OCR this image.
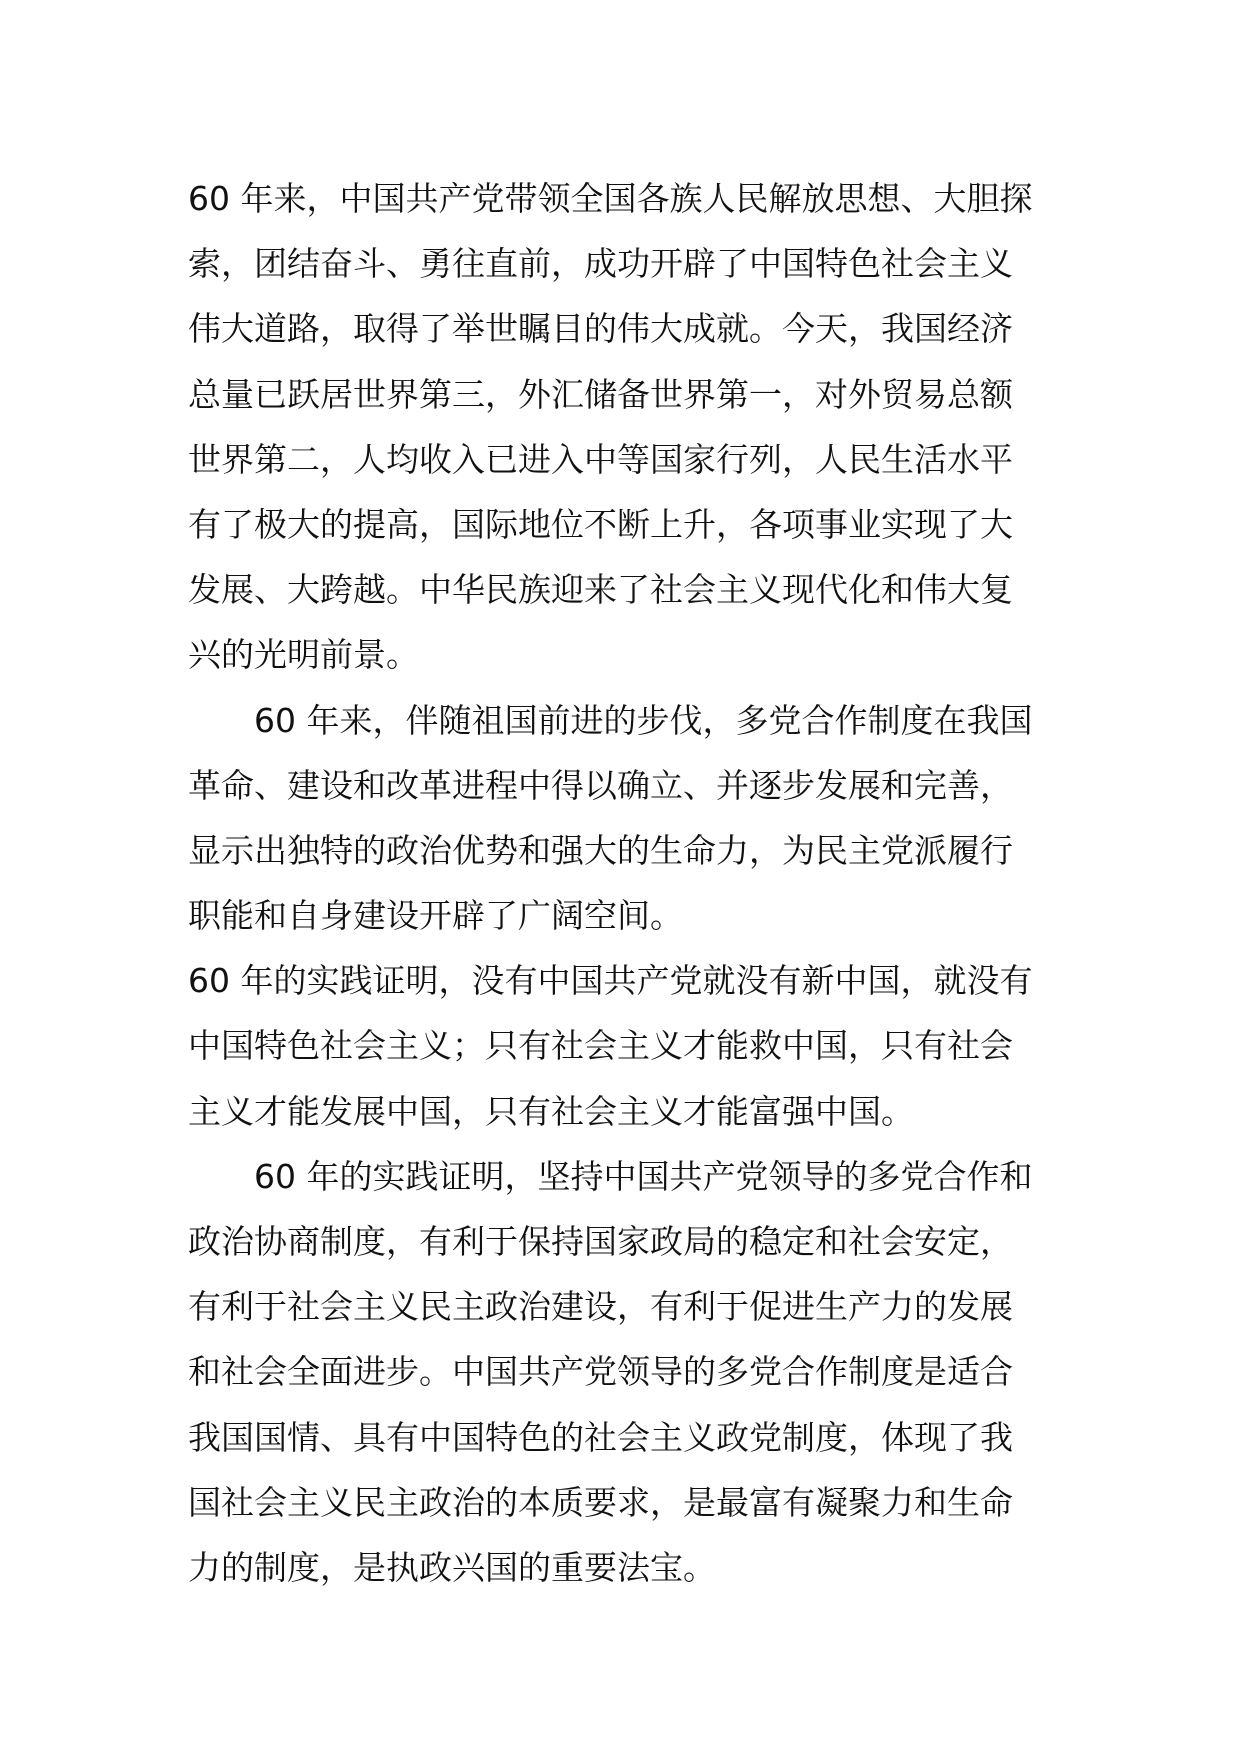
60 年来，中国共产党带领全国各族人民解放思想、大胆探
索，团结奋斗、勇往直前，成功开辟了中国特色社会主义
伟大道路，取得了举世瞩目的伟大成就。今天，我国经济
总量已跃居世界第三，外汇储备世界第一，对外贸易总额
世界第二，人均收入已进入中等国家行列，人民生活水平
有了极大的提高，国际地位不断上升，各项事业实现了大
发展、大跨越。中华民族迎来了社会主义现代化和伟大复
兴的光明前景。
60 年来，伴随祖国前进的步伐，多党合作制度在我国
革命、建设和改革进程中得以确立、并逐步发展和完善，
显示出独特的政治优势和强大的生命力，为民主党派履行
职能和自身建设开辟了广阔空间。
60 年的实践证明，没有中国共产党就没有新中国，就没有
中国特色社会主义；只有社会主义才能救中国，只有社会
主义才能发展中国，只有社会主义才能富强中国。
60 年的实践证明，坚持中国共产党领导的多党合作和
政治协商制度，有利于保持国家政局的稳定和社会安定，
有利于社会主义民主政治建设，有利于促进生产力的发展
和社会全面进步。中国共产党领导的多党合作制度是适合
我国国情、具有中国特色的社会主义政党制度，体现了我
国社会主义民主政治的本质要求，是最富有凝聚力和生命
力的制度，是执政兴国的重要法宝。
